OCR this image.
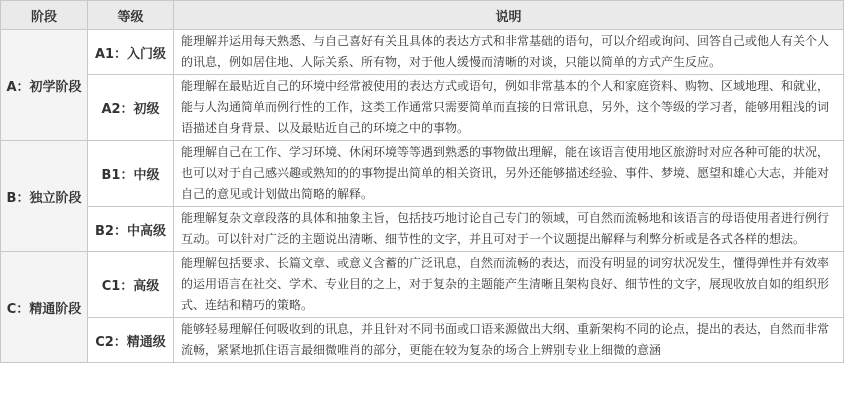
阶段	等级	说明
A：初学阶段	A1：入门级	能理解并运用每天熟悉、与自己喜好有关且具体的表达方式和非常基础的语句，可以介绍或询问、回答自己或他人有关个人的讯息，例如居住地、人际关系、所有物，对于他人缓慢而清晰的对谈，只能以简单的方式产生反应。
	A2：初级	能理解在最贴近自己的环境中经常被使用的表达方式或语句，例如非常基本的个人和家庭资料、购物、区域地理、和就业，能与人沟通简单而例行性的工作，这类工作通常只需要简单而直接的日常讯息，另外，这个等级的学习者，能够用粗浅的词语描述自身背景、以及最贴近自己的环境之中的事物。
B：独立阶段	B1：中级	能理解自己在工作、学习环境、休闲环境等等遇到熟悉的事物做出理解，能在该语言使用地区旅游时对应各种可能的状况，也可以对于自己感兴趣或熟知的的事物提出简单的相关资讯，另外还能够描述经验、事件、梦境、愿望和雄心大志，并能对自己的意见或计划做出简略的解释。
	B2：中高级	能理解复杂文章段落的具体和抽象主旨，包括技巧地讨论自己专门的领域，可自然而流畅地和该语言的母语使用者进行例行互动。可以针对广泛的主题说出清晰、细节性的文字，并且可对于一个议题提出解释与利弊分析或是各式各样的想法。
C：精通阶段	C1：高级	能理解包括要求、长篇文章、或意义含蓄的广泛讯息，自然而流畅的表达，而没有明显的词穷状况发生，懂得弹性并有效率的运用语言在社交、学术、专业目的之上，对于复杂的主题能产生清晰且架构良好、细节性的文字，展现收放自如的组织形式、连结和精巧的策略。
	C2：精通级	能够轻易理解任何吸收到的讯息，并且针对不同书面或口语来源做出大纲、重新架构不同的论点，提出的表达，自然而非常流畅，紧紧地抓住语言最细微唯肖的部分，更能在较为复杂的场合上辨别专业上细微的意涵
